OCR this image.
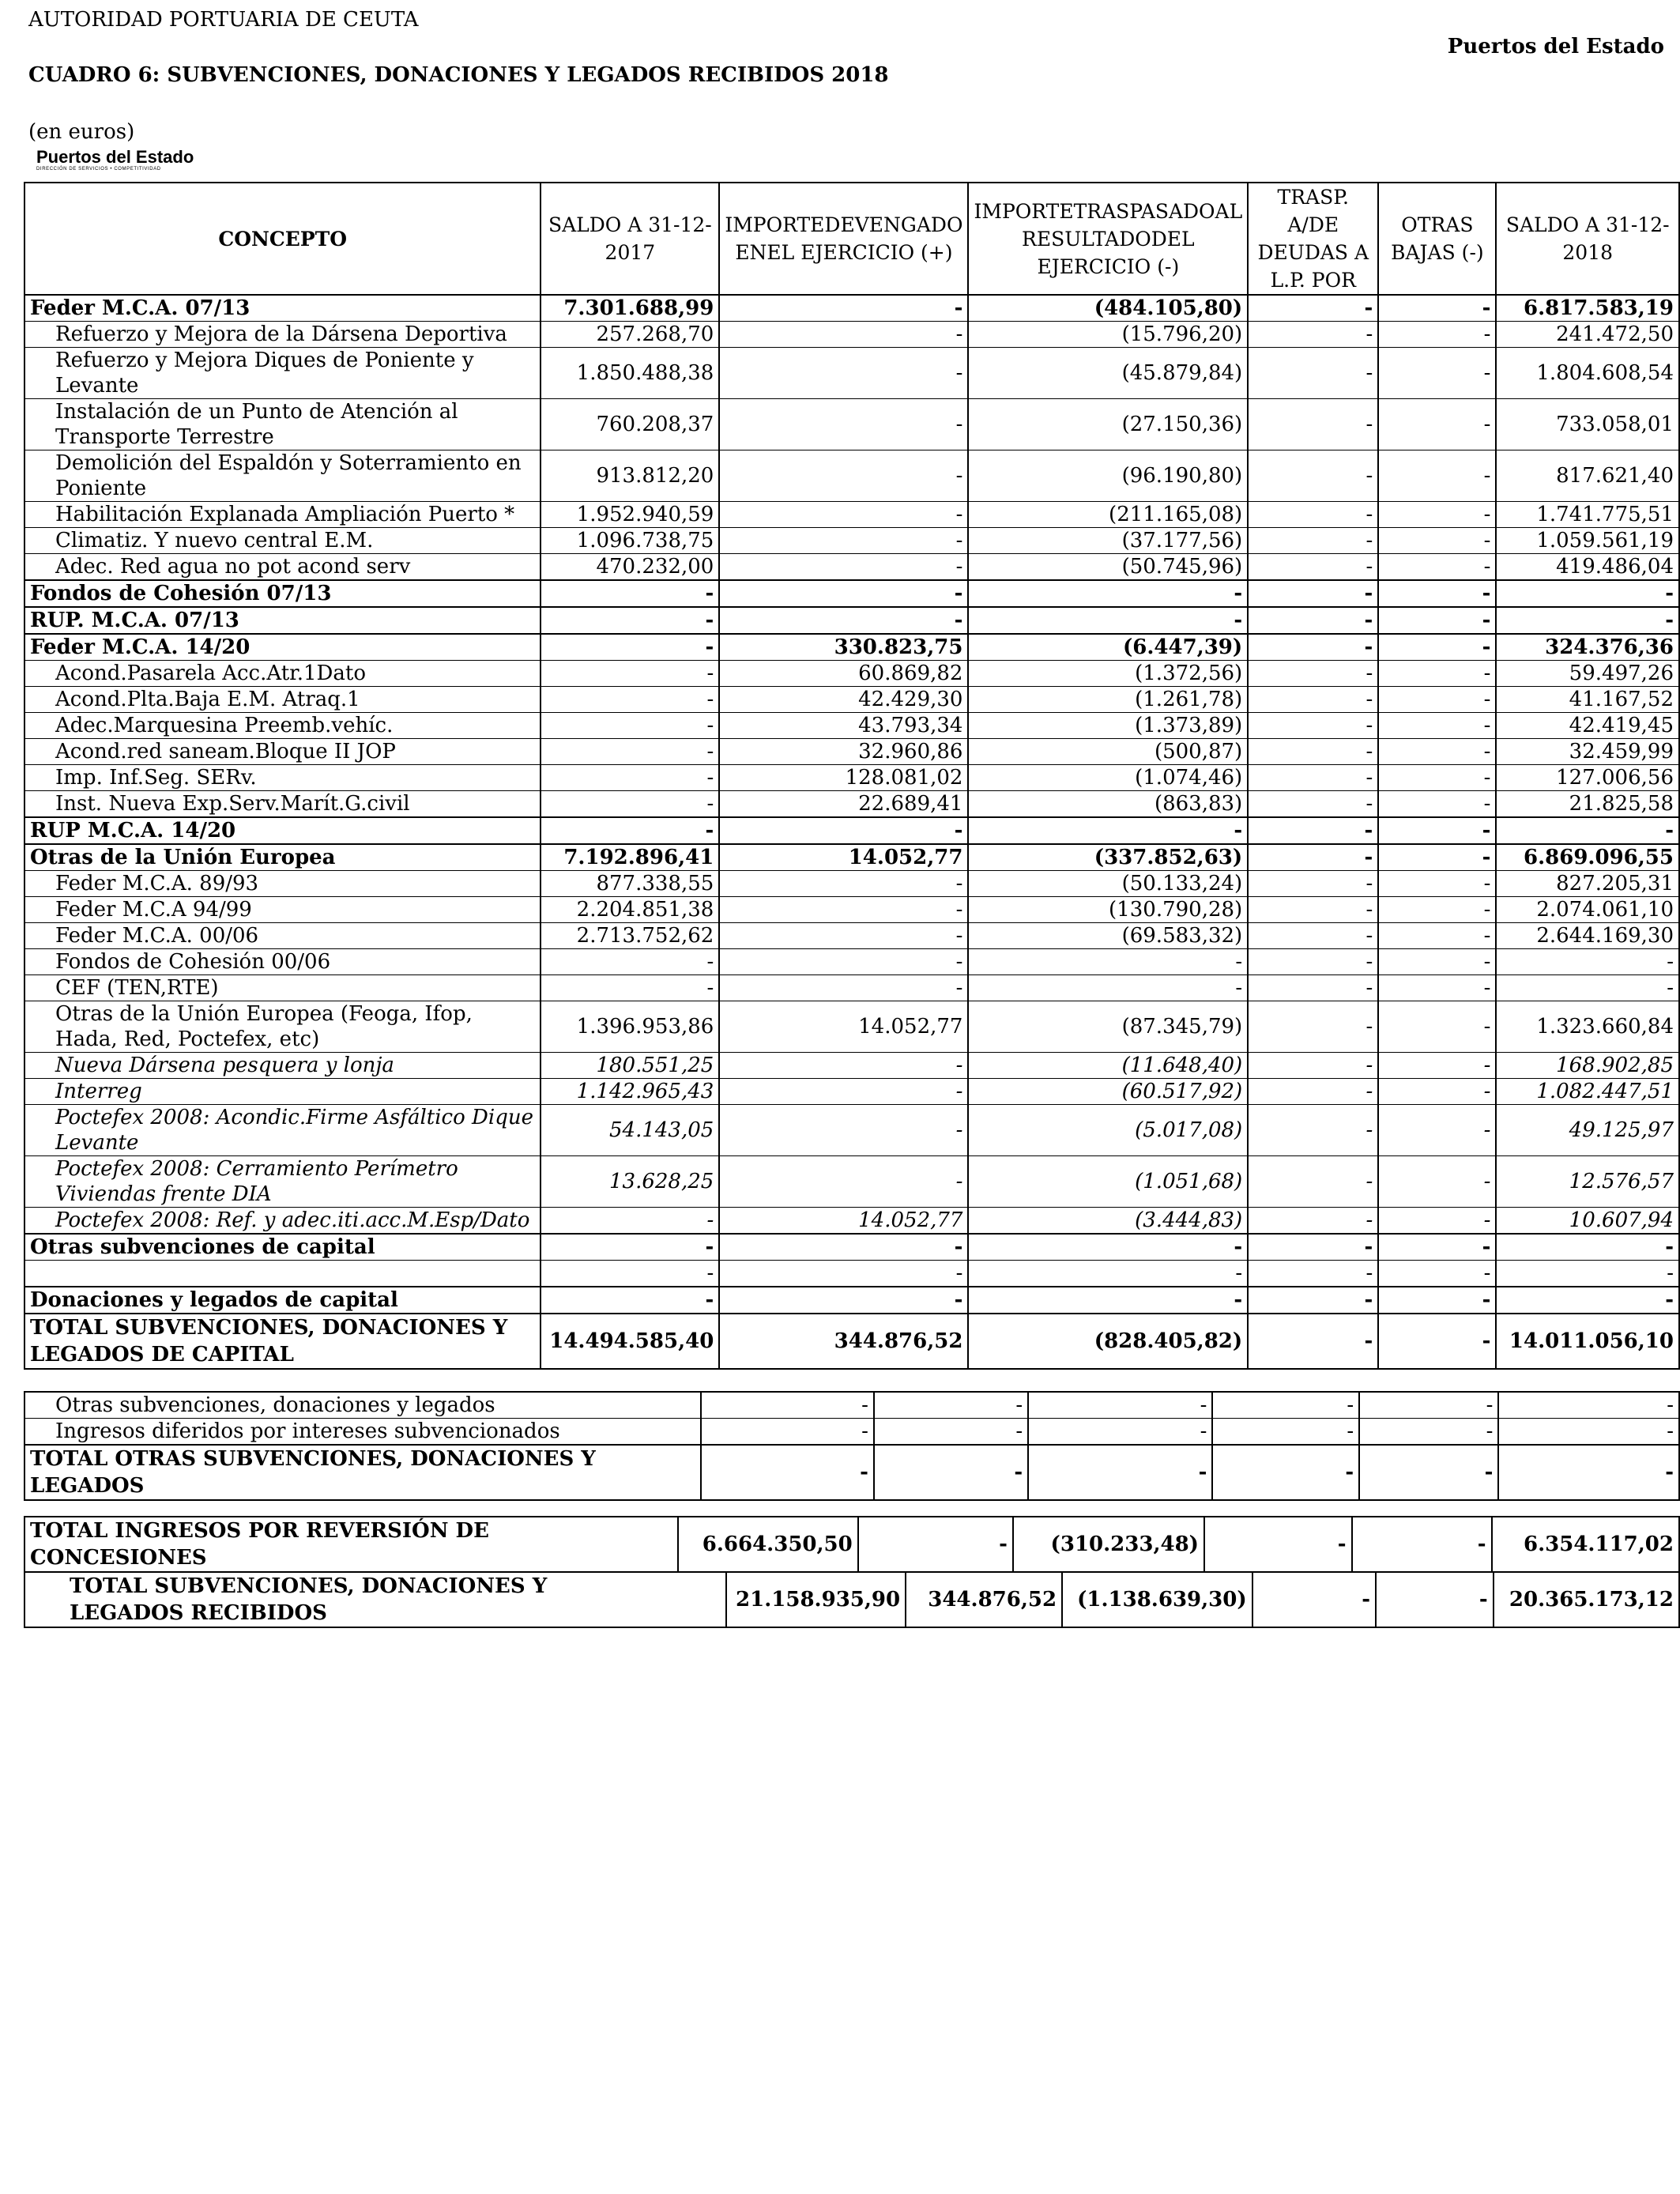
AUTORIDAD PORTUARIA DE CEUTA
Puertos del Estado
CUADRO 6: SUBVENCIONES, DONACIONES Y LEGADOS RECIBIDOS 2018
(en euros)
Puertos del Estado
DIRECCIÓN DE SERVICIOS • COMPETITIVIDAD
CONCEPTO	SALDO A 31-12-2017	IMPORTEDEVENGADO ENEL EJERCICIO (+)	IMPORTETRASPASADOAL RESULTADODEL EJERCICIO (-)	TRASP. A/DE DEUDAS A L.P. POR	OTRAS BAJAS (-)	SALDO A 31-12-2018
Feder M.C.A. 07/13	7.301.688,99	-	(484.105,80)	-	-	6.817.583,19
Refuerzo y Mejora de la Dársena Deportiva	257.268,70	-	(15.796,20)	-	-	241.472,50
Refuerzo y Mejora Diques de Poniente y Levante	1.850.488,38	-	(45.879,84)	-	-	1.804.608,54
Instalación de un Punto de Atención al Transporte Terrestre	760.208,37	-	(27.150,36)	-	-	733.058,01
Demolición del Espaldón y Soterramiento en Poniente	913.812,20	-	(96.190,80)	-	-	817.621,40
Habilitación Explanada Ampliación Puerto *	1.952.940,59	-	(211.165,08)	-	-	1.741.775,51
Climatiz. Y nuevo central E.M.	1.096.738,75	-	(37.177,56)	-	-	1.059.561,19
Adec. Red agua no pot acond serv	470.232,00	-	(50.745,96)	-	-	419.486,04
Fondos de Cohesión 07/13	-	-	-	-	-	-
RUP. M.C.A. 07/13	-	-	-	-	-	-
Feder M.C.A. 14/20	-	330.823,75	(6.447,39)	-	-	324.376,36
Acond.Pasarela Acc.Atr.1Dato	-	60.869,82	(1.372,56)	-	-	59.497,26
Acond.Plta.Baja E.M. Atraq.1	-	42.429,30	(1.261,78)	-	-	41.167,52
Adec.Marquesina Preemb.vehíc.	-	43.793,34	(1.373,89)	-	-	42.419,45
Acond.red saneam.Bloque II JOP	-	32.960,86	(500,87)	-	-	32.459,99
Imp. Inf.Seg. SERv.	-	128.081,02	(1.074,46)	-	-	127.006,56
Inst. Nueva Exp.Serv.Marít.G.civil	-	22.689,41	(863,83)	-	-	21.825,58
RUP M.C.A. 14/20	-	-	-	-	-	-
Otras de la Unión Europea	7.192.896,41	14.052,77	(337.852,63)	-	-	6.869.096,55
Feder M.C.A. 89/93	877.338,55	-	(50.133,24)	-	-	827.205,31
Feder M.C.A 94/99	2.204.851,38	-	(130.790,28)	-	-	2.074.061,10
Feder M.C.A. 00/06	2.713.752,62	-	(69.583,32)	-	-	2.644.169,30
Fondos de Cohesión 00/06	-	-	-	-	-	-
CEF (TEN,RTE)	-	-	-	-	-	-
Otras de la Unión Europea (Feoga, Ifop, Hada, Red, Poctefex, etc)	1.396.953,86	14.052,77	(87.345,79)	-	-	1.323.660,84
Nueva Dársena pesquera y lonja	180.551,25	-	(11.648,40)	-	-	168.902,85
Interreg	1.142.965,43	-	(60.517,92)	-	-	1.082.447,51
Poctefex 2008: Acondic.Firme Asfáltico Dique Levante	54.143,05	-	(5.017,08)	-	-	49.125,97
Poctefex 2008: Cerramiento Perímetro Viviendas frente DIA	13.628,25	-	(1.051,68)	-	-	12.576,57
Poctefex 2008: Ref. y adec.iti.acc.M.Esp/Dato	-	14.052,77	(3.444,83)	-	-	10.607,94
Otras subvenciones de capital	-	-	-	-	-	-
	-	-	-	-	-	-
Donaciones y legados de capital	-	-	-	-	-	-
TOTAL SUBVENCIONES, DONACIONES Y LEGADOS DE CAPITAL	14.494.585,40	344.876,52	(828.405,82)	-	-	14.011.056,10
Otras subvenciones, donaciones y legados	-	-	-	-	-	-
Ingresos diferidos por intereses subvencionados	-	-	-	-	-	-
TOTAL OTRAS SUBVENCIONES, DONACIONES Y LEGADOS	-	-	-	-	-	-
TOTAL INGRESOS POR REVERSIÓN DE CONCESIONES	6.664.350,50	-	(310.233,48)	-	-	6.354.117,02
TOTAL SUBVENCIONES, DONACIONES Y LEGADOS RECIBIDOS	21.158.935,90	344.876,52	(1.138.639,30)	-	-	20.365.173,12
